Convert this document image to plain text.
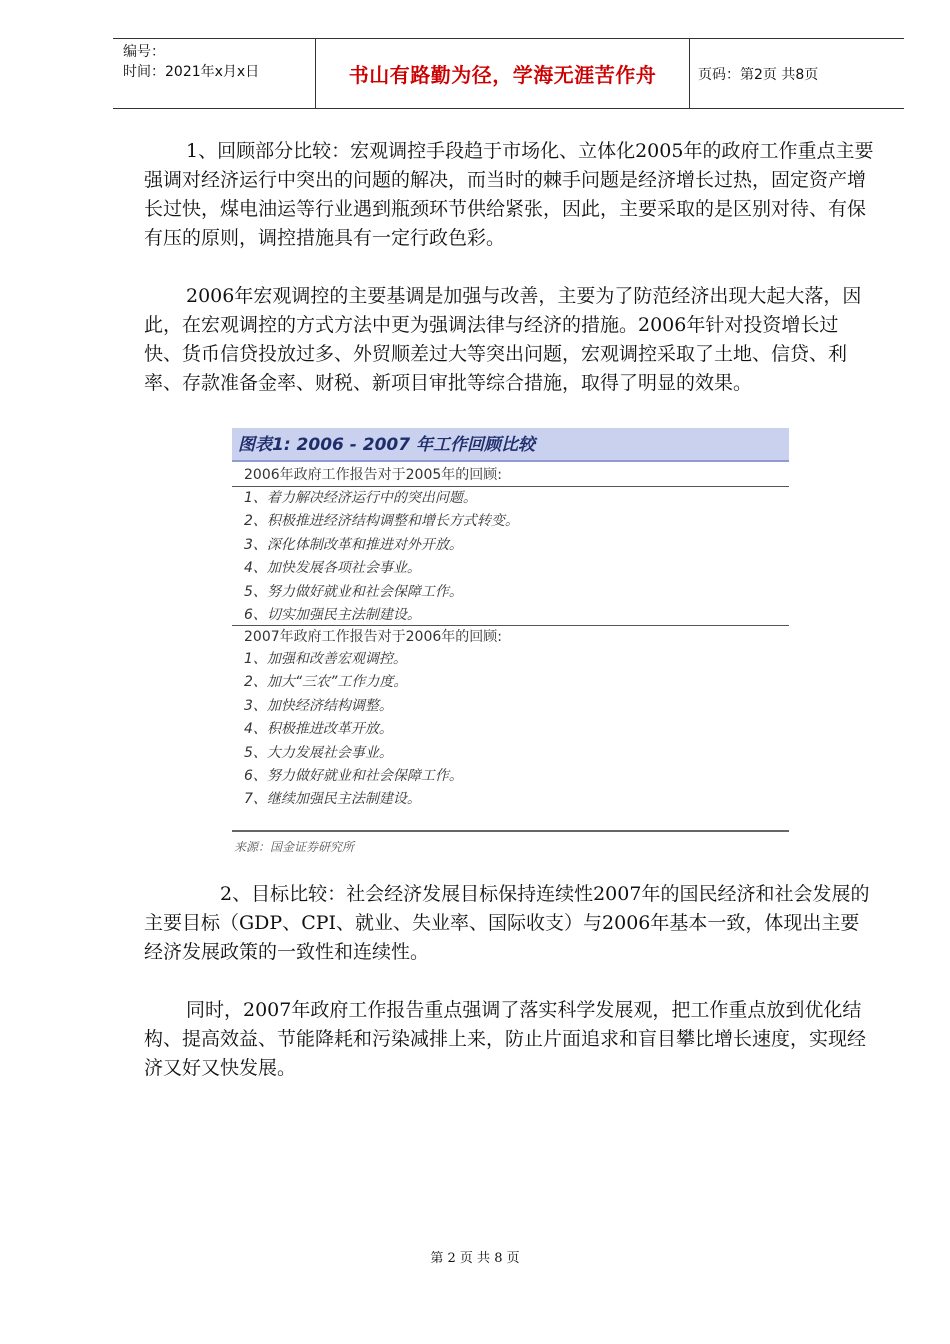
编号：
时间：2021年x月x日	书山有路勤为径，学海无涯苦作舟	页码：第2页 共8页

1、回顾部分比较：宏观调控手段趋于市场化、立体化2005年的政府工作重点主要强调对经济运行中突出的问题的解决，而当时的棘手问题是经济增长过热，固定资产增长过快，煤电油运等行业遇到瓶颈环节供给紧张，因此，主要采取的是区别对待、有保有压的原则，调控措施具有一定行政色彩。

2006年宏观调控的主要基调是加强与改善，主要为了防范经济出现大起大落，因此，在宏观调控的方式方法中更为强调法律与经济的措施。2006年针对投资增长过快、货币信贷投放过多、外贸顺差过大等突出问题，宏观调控采取了土地、信贷、利率、存款准备金率、财税、新项目审批等综合措施，取得了明显的效果。

图表1: 2006 - 2007 年工作回顾比较
2006年政府工作报告对于2005年的回顾:
1、着力解决经济运行中的突出问题。
2、积极推进经济结构调整和增长方式转变。
3、深化体制改革和推进对外开放。
4、加快发展各项社会事业。
5、努力做好就业和社会保障工作。
6、切实加强民主法制建设。
2007年政府工作报告对于2006年的回顾:
1、加强和改善宏观调控。
2、加大“三农”工作力度。
3、加快经济结构调整。
4、积极推进改革开放。
5、大力发展社会事业。
6、努力做好就业和社会保障工作。
7、继续加强民主法制建设。
来源：国金证券研究所

2、目标比较：社会经济发展目标保持连续性2007年的国民经济和社会发展的主要目标（GDP、CPI、就业、失业率、国际收支）与2006年基本一致，体现出主要经济发展政策的一致性和连续性。

同时，2007年政府工作报告重点强调了落实科学发展观，把工作重点放到优化结构、提高效益、节能降耗和污染减排上来，防止片面追求和盲目攀比增长速度，实现经济又好又快发展。

第 2 页 共 8 页
